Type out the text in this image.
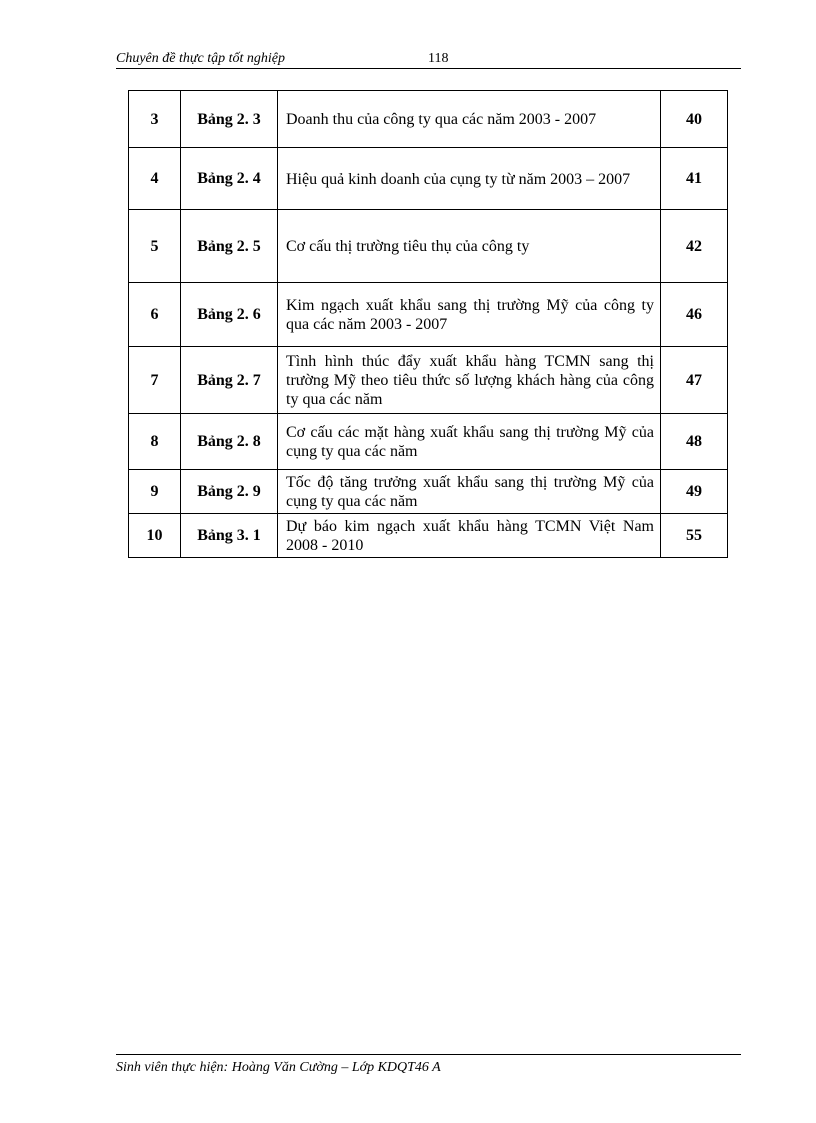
Chuyên đề thực tập tốt nghiệp	118
3	Bảng 2. 3	Doanh thu của công ty qua các năm 2003 - 2007	40
4	Bảng 2. 4	Hiệu quả kinh doanh của cụng ty từ năm 2003 – 2007	41
5	Bảng 2. 5	Cơ cấu thị trường tiêu thụ của công ty	42
6	Bảng 2. 6	Kim ngạch xuất khẩu sang thị trường Mỹ của công ty qua các năm 2003 - 2007	46
7	Bảng 2. 7	Tình hình thúc đẩy xuất khẩu hàng TCMN sang thị trường Mỹ theo tiêu thức số lượng khách hàng của công ty qua các năm	47
8	Bảng 2. 8	Cơ cấu các mặt hàng xuất khẩu sang thị trường Mỹ của cụng ty qua các năm	48
9	Bảng 2. 9	Tốc độ tăng trưởng xuất khẩu sang thị trường Mỹ của cụng ty qua các năm	49
10	Bảng 3. 1	Dự báo kim ngạch xuất khẩu hàng TCMN Việt Nam 2008 - 2010	55
Sinh viên thực hiện: Hoàng Văn Cường – Lớp KDQT46 A
